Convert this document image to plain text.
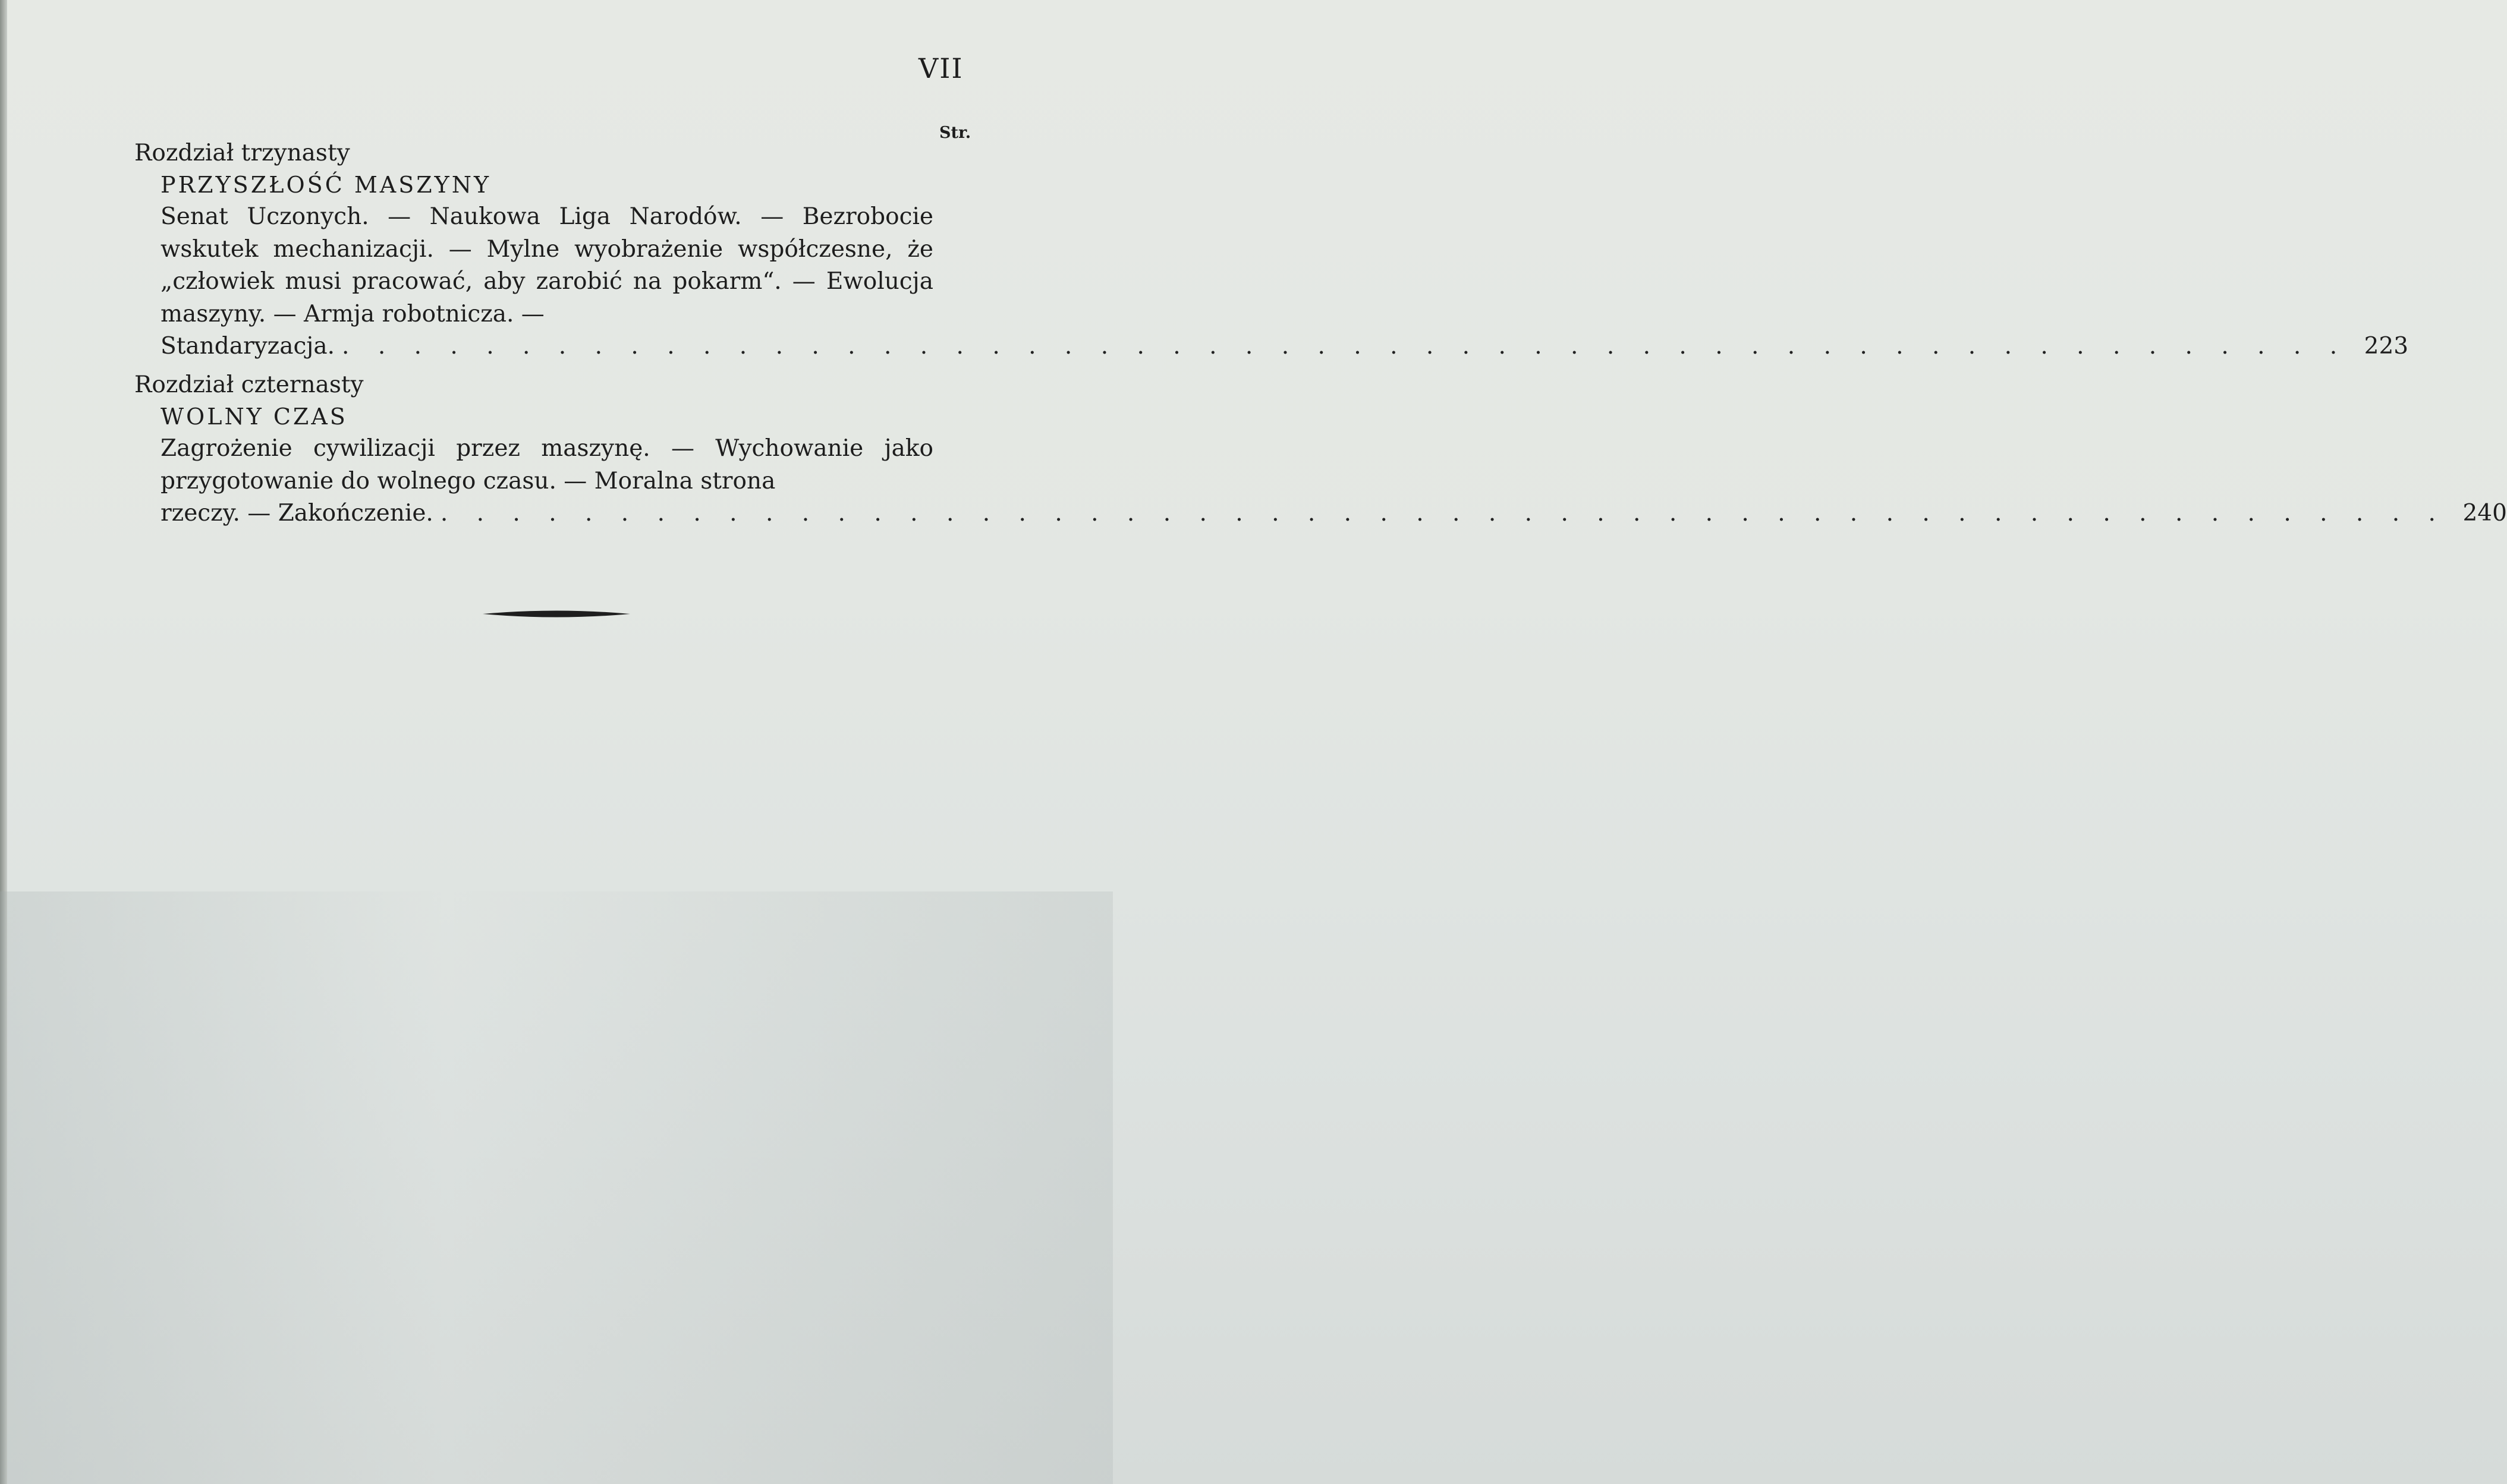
VII
Str.

Rozdział trzynasty

PRZYSZŁOŚĆ MASZYNY

Senat Uczonych. — Naukowa Liga Narodów. — Bezrobocie wskutek mechanizacji. — Mylne wyobrażenie współczesne, że „człowiek musi pracować, aby zarobić na pokarm“. — Ewolucja maszyny. — Armja robotnicza. —

Standaryzacja. . . . . . . . . . . . . . . . . . . . . . . . . . . . . . . . . . . . . . . . . . . . . . . . . . . . . . . . . 223

Rozdział czternasty

WOLNY CZAS

Zagrożenie cywilizacji przez maszynę. — Wychowanie jako przygotowanie do wolnego czasu. — Moralna strona

rzeczy. — Zakończenie. . . . . . . . . . . . . . . . . . . . . . . . . . . . . . . . . . . . . . . . . . . . . . . . . . . . . . . . . 240
